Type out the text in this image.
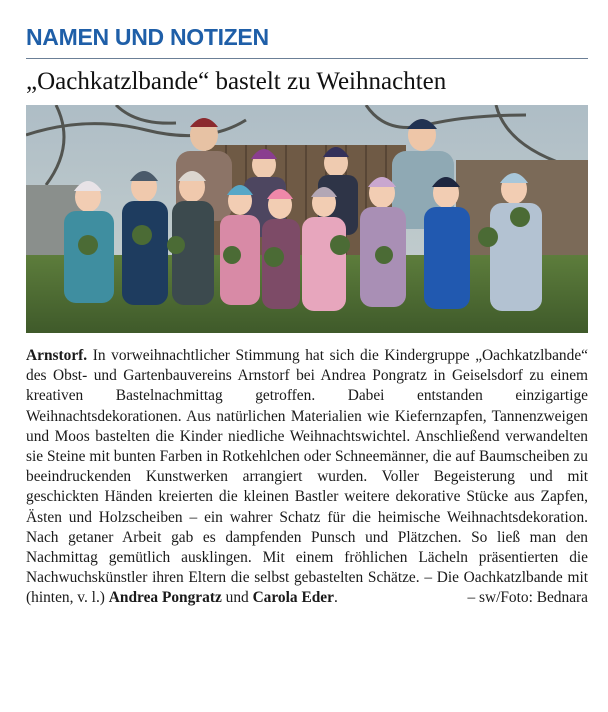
NAMEN UND NOTIZEN
„Oachkatzlbande“ bastelt zu Weihnachten
Arnstorf. In vorweihnachtlicher Stimmung hat sich die Kindergruppe „Oachkatzlbande“ des Obst- und Gartenbauvereins Arnstorf bei Andrea Pongratz in Geiselsdorf zu einem kreativen Bastelnachmittag getroffen. Dabei entstanden einzigartige Weihnachtsdekorationen. Aus natürlichen Materialien wie Kiefernzapfen, Tannenzweigen und Moos bastelten die Kinder niedliche Weihnachtswichtel. Anschließend verwandelten sie Steine mit bunten Farben in Rotkehlchen oder Schneemänner, die auf Baumscheiben zu beeindruckenden Kunstwerken arrangiert wurden. Voller Begeisterung und mit geschickten Händen kreierten die kleinen Bastler weitere dekorative Stücke aus Zapfen, Ästen und Holzscheiben – ein wahrer Schatz für die heimische Weihnachtsdekoration. Nach getaner Arbeit gab es dampfenden Punsch und Plätzchen. So ließ man den Nachmittag gemütlich ausklingen. Mit einem fröhlichen Lächeln präsentierten die Nachwuchskünstler ihren Eltern die selbst gebastelten Schätze. – Die Oachkatzlbande mit (hinten, v. l.) Andrea Pongratz und Carola Eder.	– sw/Foto: Bednara
